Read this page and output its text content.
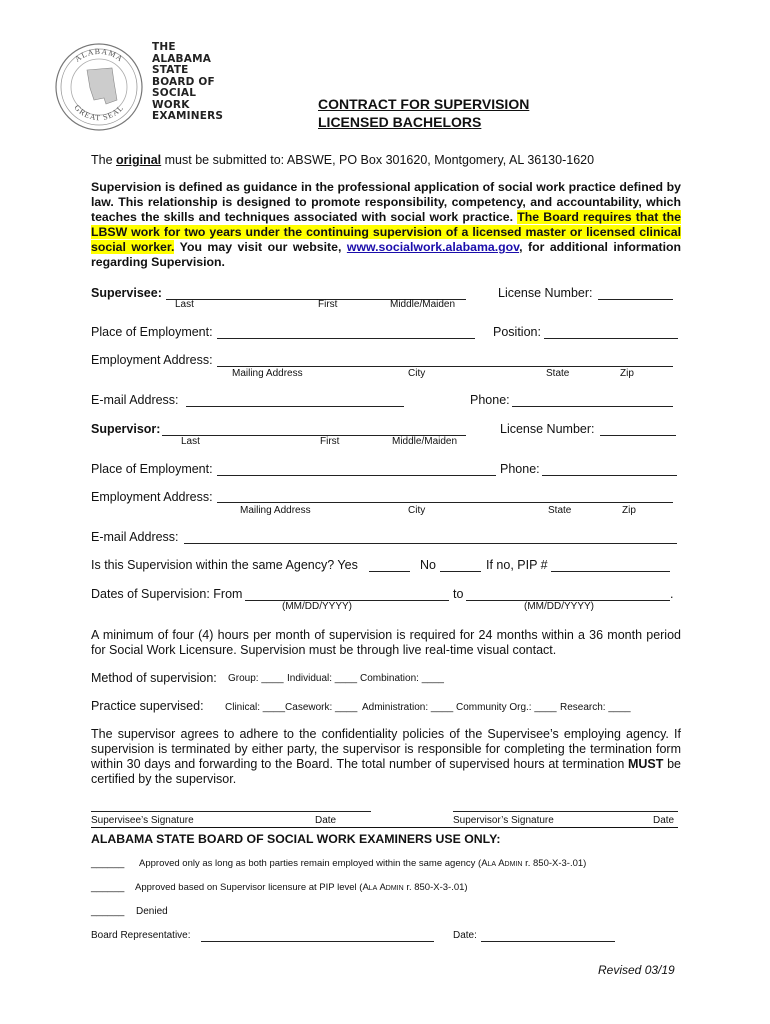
ALABAMA
GREAT SEAL
THE
ALABAMA
STATE
BOARD OF
SOCIAL
WORK
EXAMINERS
CONTRACT FOR SUPERVISION
LICENSED BACHELORS
The original must be submitted to: ABSWE, PO Box 301620, Montgomery, AL 36130-1620
Supervision is defined as guidance in the professional application of social work practice defined by law. This relationship is designed to promote responsibility, competency, and accountability, which teaches the skills and techniques associated with social work practice. The Board requires that the LBSW work for two years under the continuing supervision of a licensed master or licensed clinical social worker. You may visit our website, www.socialwork.alabama.gov, for additional information regarding Supervision.
Supervisee:
Last	First	Middle/Maiden
License Number:
Place of Employment:	Position:
Employment Address:
Mailing Address	City	State	Zip
E-mail Address:	Phone:
Supervisor:
Last	First	Middle/Maiden
License Number:
Place of Employment:	Phone:
Employment Address:
Mailing Address	City	State	Zip
E-mail Address:
Is this Supervision within the same Agency? Yes	No	If no, PIP #
Dates of Supervision: From	to	.
(MM/DD/YYYY)	(MM/DD/YYYY)
A minimum of four (4) hours per month of supervision is required for 24 months within a 36 month period for Social Work Licensure. Supervision must be through live real-time visual contact.
Method of supervision: Group: ____ Individual: ____ Combination: ____
Practice supervised: Clinical: ____Casework: ____ Administration: ____ Community Org.: ____ Research: ____
The supervisor agrees to adhere to the confidentiality policies of the Supervisee’s employing agency. If supervision is terminated by either party, the supervisor is responsible for completing the termination form within 30 days and forwarding to the Board. The total number of supervised hours at termination MUST be certified by the supervisor.
Supervisee’s Signature	Date	Supervisor’s Signature	Date
ALABAMA STATE BOARD OF SOCIAL WORK EXAMINERS USE ONLY:
______ Approved only as long as both parties remain employed within the same agency (Ala Admin r. 850-X-3-.01)
______ Approved based on Supervisor licensure at PIP level (Ala Admin r. 850-X-3-.01)
______ Denied
Board Representative:	Date:
Revised 03/19
